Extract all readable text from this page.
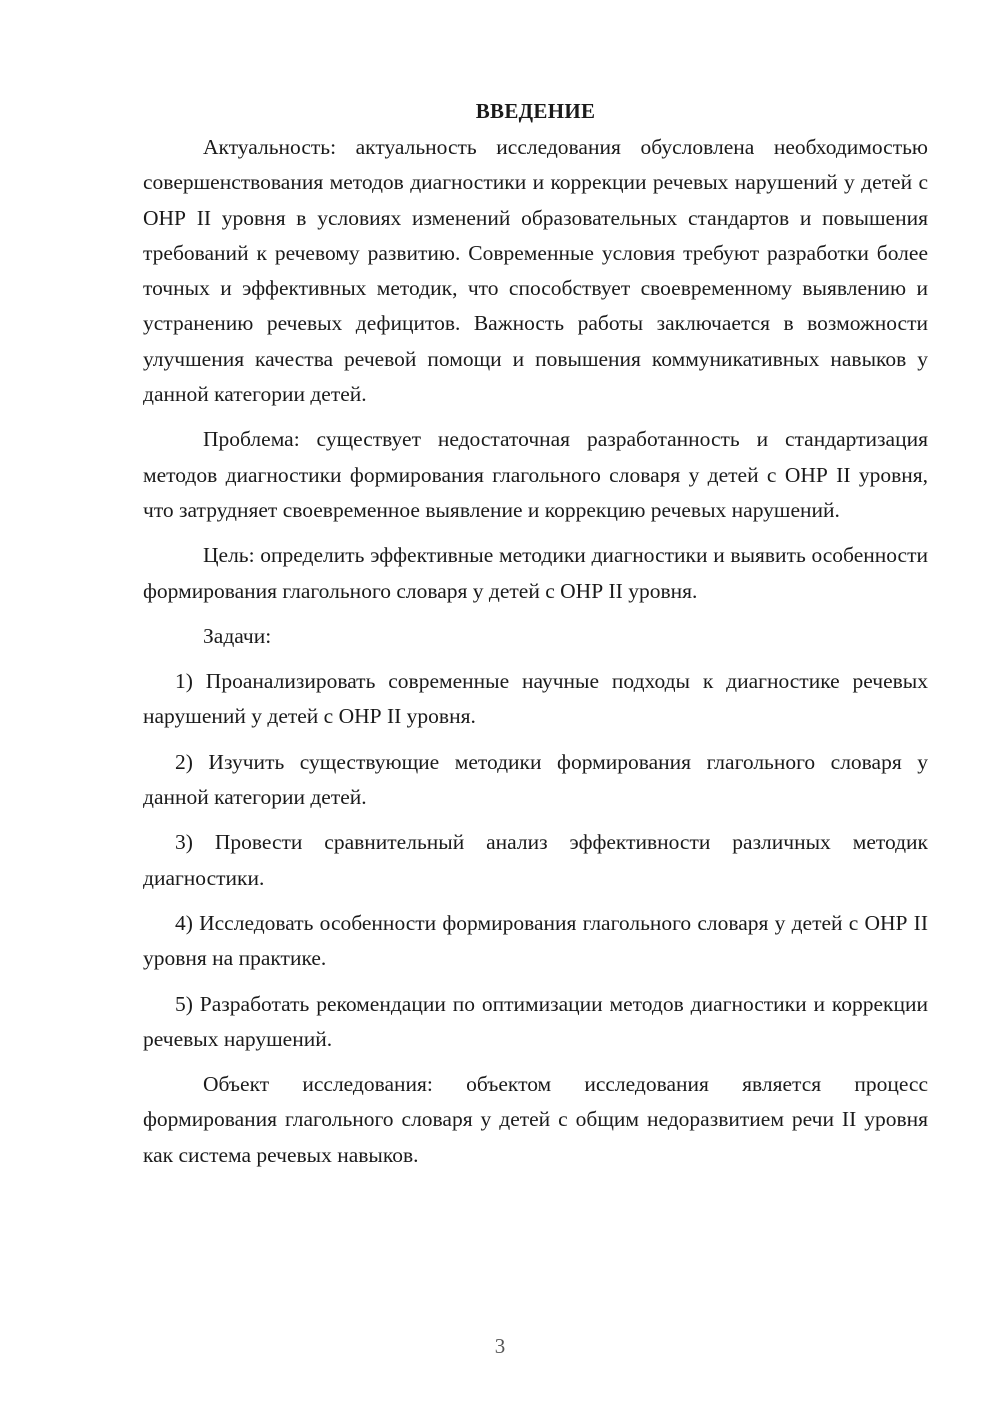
ВВЕДЕНИЕ

Актуальность: актуальность исследования обусловлена необходимостью совершенствования методов диагностики и коррекции речевых нарушений у детей с ОНР II уровня в условиях изменений образовательных стандартов и повышения требований к речевому развитию. Современные условия требуют разработки более точных и эффективных методик, что способствует своевременному выявлению и устранению речевых дефицитов. Важность работы заключается в возможности улучшения качества речевой помощи и повышения коммуникативных навыков у данной категории детей.

Проблема: существует недостаточная разработанность и стандартизация методов диагностики формирования глагольного словаря у детей с ОНР II уровня, что затрудняет своевременное выявление и коррекцию речевых нарушений.

Цель: определить эффективные методики диагностики и выявить особенности формирования глагольного словаря у детей с ОНР II уровня.

Задачи:

1) Проанализировать современные научные подходы к диагностике речевых нарушений у детей с ОНР II уровня.

2) Изучить существующие методики формирования глагольного словаря у данной категории детей.

3) Провести сравнительный анализ эффективности различных методик диагностики.

4) Исследовать особенности формирования глагольного словаря у детей с ОНР II уровня на практике.

5) Разработать рекомендации по оптимизации методов диагностики и коррекции речевых нарушений.

Объект исследования: объектом исследования является процесс формирования глагольного словаря у детей с общим недоразвитием речи II уровня как система речевых навыков.

3
